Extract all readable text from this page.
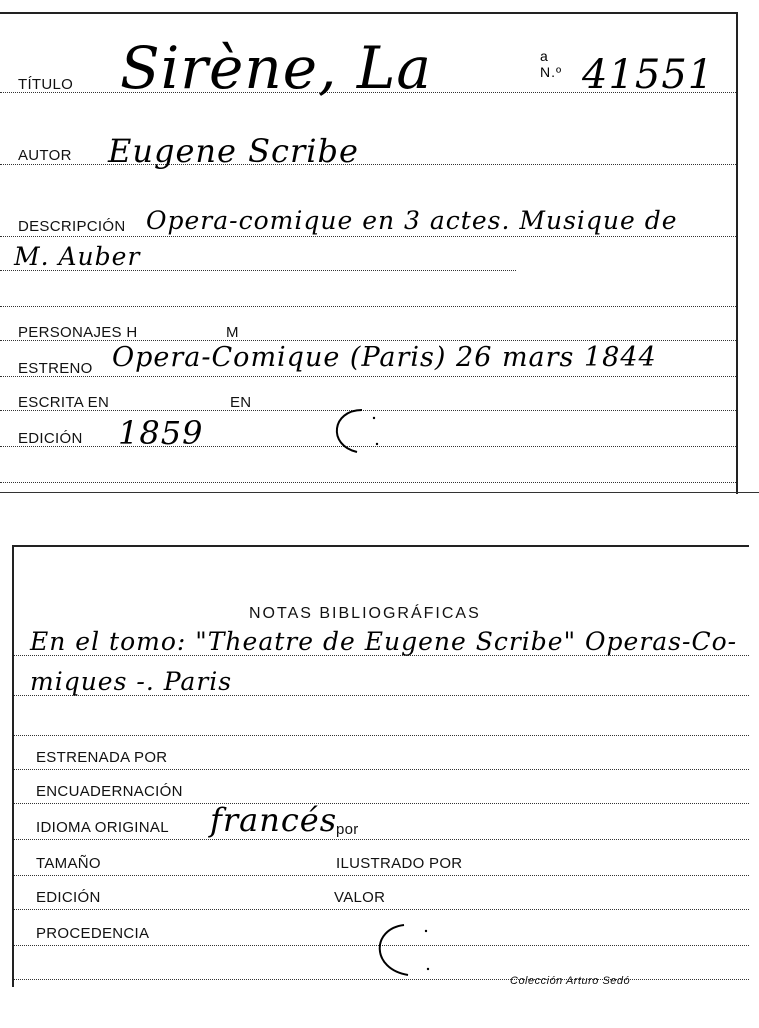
TÍTULO Sirène, La	a
N.º 41551
AUTOR Eugene Scribe
DESCRIPCIÓN Opera-comique en 3 actes. Musique de
M. Auber
PERSONAJES H	M
ESTRENO Opera-Comique (Paris) 26 mars 1844
ESCRITA EN	EN
EDICIÓN 1859
NOTAS BIBLIOGRÁFICAS
En el tomo: "Theatre de Eugene Scribe" Operas-Co-
miques -. Paris
ESTRENADA POR
ENCUADERNACIÓN
IDIOMA ORIGINAL francés
por
TAMAÑO	ILUSTRADO POR
EDICIÓN	VALOR
PROCEDENCIA
Colección Arturo Sedó
